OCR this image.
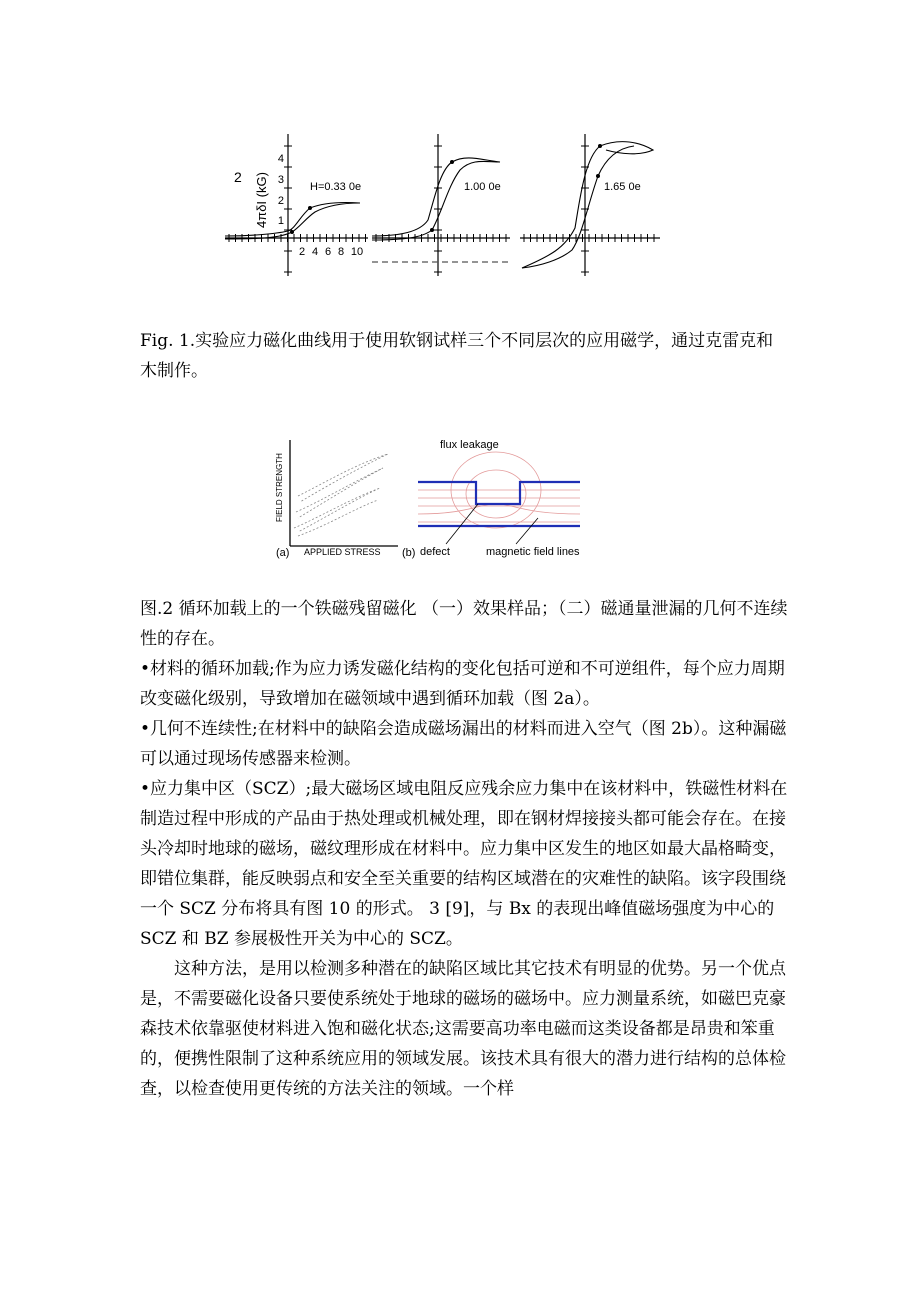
2 4πδI (kG) 1
2
3
4
2 4 6 8 10
H=0.33 0e	1.00 0e	1.65 0e

Fig. 1.实验应力磁化曲线用于使用软钢试样三个不同层次的应用磁学，通过克雷克和木制作。

FIELD STRENGTH
(a) APPLIED STRESS
flux leakage
(b) defect	magnetic field lines

图.2 循环加载上的一个铁磁残留磁化 （一）效果样品；（二）磁通量泄漏的几何不连续性的存在。

•材料的循环加载;作为应力诱发磁化结构的变化包括可逆和不可逆组件，每个应力周期改变磁化级别，导致增加在磁领域中遇到循环加载（图 2a）。

•几何不连续性;在材料中的缺陷会造成磁场漏出的材料而进入空气（图 2b）。这种漏磁可以通过现场传感器来检测。

•应力集中区（SCZ）;最大磁场区域电阻反应残余应力集中在该材料中，铁磁性材料在制造过程中形成的产品由于热处理或机械处理，即在钢材焊接接头都可能会存在。在接头冷却时地球的磁场，磁纹理形成在材料中。应力集中区发生的地区如最大晶格畸变，即错位集群，能反映弱点和安全至关重要的结构区域潜在的灾难性的缺陷。该字段围绕一个 SCZ 分布将具有图 10 的形式。 3 [9]，与 Bx 的表现出峰值磁场强度为中心的 SCZ 和 BZ 参展极性开关为中心的 SCZ。

这种方法，是用以检测多种潜在的缺陷区域比其它技术有明显的优势。另一个优点是，不需要磁化设备只要使系统处于地球的磁场的磁场中。应力测量系统，如磁巴克豪森技术依靠驱使材料进入饱和磁化状态;这需要高功率电磁而这类设备都是昂贵和笨重的，便携性限制了这种系统应用的领域发展。该技术具有很大的潜力进行结构的总体检查，以检查使用更传统的方法关注的领域。一个样
